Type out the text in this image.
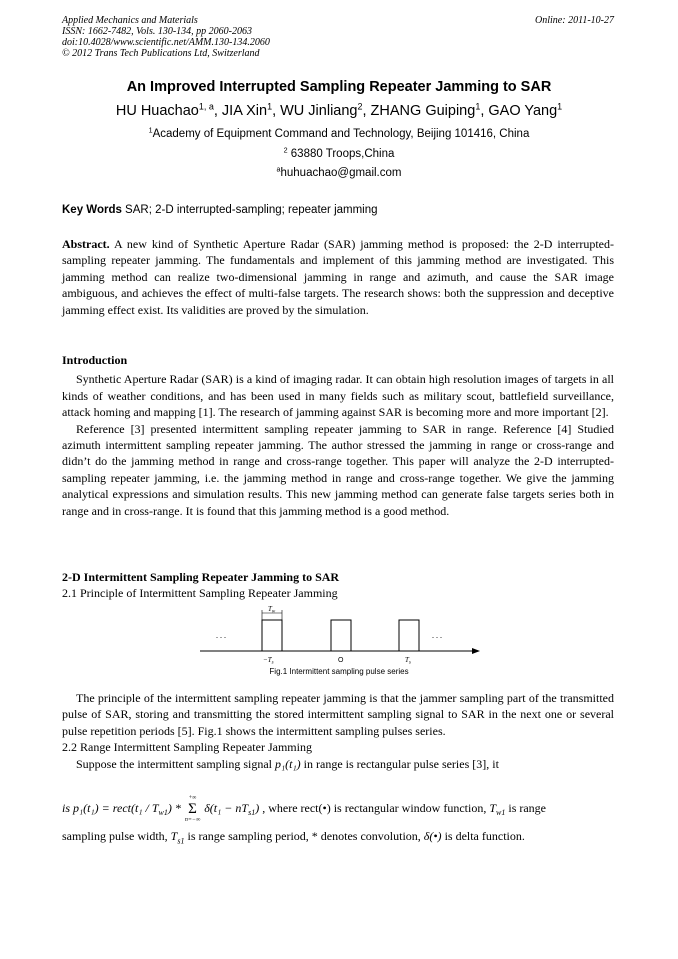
Applied Mechanics and Materials
ISSN: 1662-7482, Vols. 130-134, pp 2060-2063
doi:10.4028/www.scientific.net/AMM.130-134.2060
© 2012 Trans Tech Publications Ltd, Switzerland
Online: 2011-10-27
An Improved Interrupted Sampling Repeater Jamming to SAR
HU Huachao$^{1, a}$, JIA Xin$^1$, WU Jinliang$^2$, ZHANG Guiping$^1$, GAO Yang$^1$
$^1$Academy of Equipment Command and Technology, Beijing 101416, China
$^2$ 63880 Troops,China
$^a$huhuachao@gmail.com
Key Words SAR; 2-D interrupted-sampling; repeater jamming

Abstract. A new kind of Synthetic Aperture Radar (SAR) jamming method is proposed: the 2-D interrupted-sampling repeater jamming. The fundamentals and implement of this jamming method are investigated. This jamming method can realize two-dimensional jamming in range and azimuth, and cause the SAR image ambiguous, and achieves the effect of multi-false targets. The research shows: both the suppression and deceptive jamming effect exist. Its validities are proved by the simulation.

Introduction

Synthetic Aperture Radar (SAR) is a kind of imaging radar. It can obtain high resolution images of targets in all kinds of weather conditions, and has been used in many fields such as military scout, battlefield surveillance, attack homing and mapping [1]. The research of jamming against SAR is becoming more and more important [2].

Reference [3] presented intermittent sampling repeater jamming to SAR in range. Reference [4] Studied azimuth intermittent sampling repeater jamming. The author stressed the jamming in range or cross-range and didn’t do the jamming method in range and cross-range together. This paper will analyze the 2-D interrupted-sampling repeater jamming, i.e. the jamming method in range and cross-range together. We give the jamming analytical expressions and simulation results. This new jamming method can generate false targets series both in range and in cross-range. It is found that this jamming method is a good method.

2-D Intermittent Sampling Repeater Jamming to SAR

2.1 Principle of Intermittent Sampling Repeater Jamming

$T_w$
. . .	. . .
$-T_s$	O	$T_s$
Fig.1 Intermittent sampling pulse series

The principle of the intermittent sampling repeater jamming is that the jammer sampling part of the transmitted pulse of SAR, storing and transmitting the stored intermittent sampling signal to SAR in the next one or several pulse repetition periods [5]. Fig.1 shows the intermittent sampling pulses series.

2.2 Range Intermittent Sampling Repeater Jamming

Suppose the intermittent sampling signal p₁(t₁) in range is rectangular pulse series [3], it

is p₁(t₁) = rect(t₁ / $T_{w1}$) *
+∞
Σ
n=−∞
$\delta(t_1 - nT_{s1})$ , where rect(•) is rectangular window function, $T_{w1}$ is range
sampling pulse width, $T_{s1}$ is range sampling period, * denotes convolution, δ(•) is delta function.
